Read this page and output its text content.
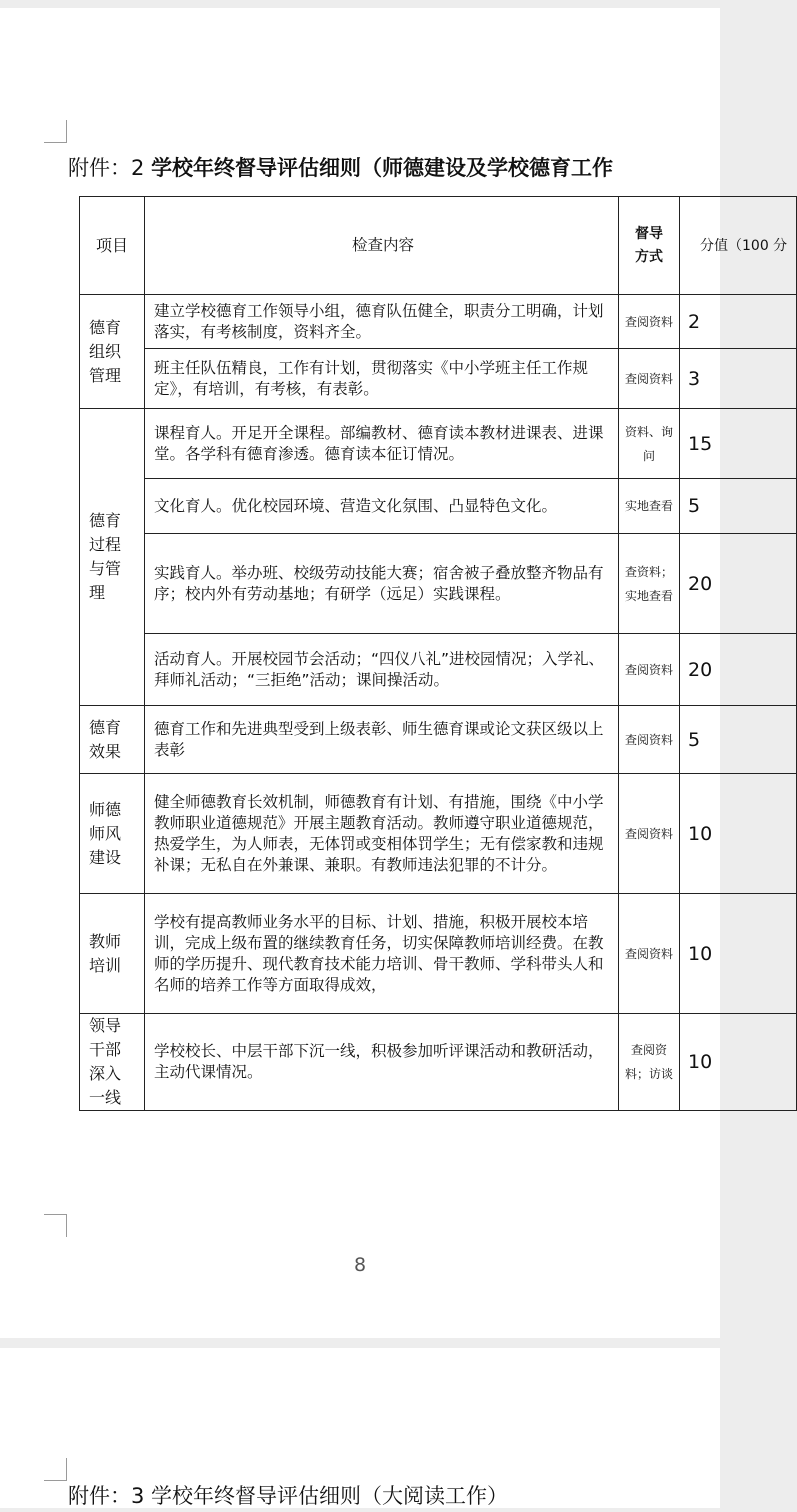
附件：2 学校年终督导评估细则（师德建设及学校德育工作
项目	检查内容	督导方式	分值（100 分

德育组织管理	建立学校德育工作领导小组，德育队伍健全，职责分工明确，计划落实，有考核制度，资料齐全。	查阅资料	2
	班主任队伍精良，工作有计划，贯彻落实《中小学班主任工作规定》，有培训，有考核，有表彰。	查阅资料	3

德育过程与管理	课程育人。开足开全课程。部编教材、德育读本教材进课表、进课堂。各学科有德育渗透。德育读本征订情况。	资料、询问	15
	文化育人。优化校园环境、营造文化氛围、凸显特色文化。	实地查看	5
	实践育人。举办班、校级劳动技能大赛；宿舍被子叠放整齐物品有序；校内外有劳动基地；有研学（远足）实践课程。	查资料；实地查看	20
	活动育人。开展校园节会活动；“四仪八礼”进校园情况；入学礼、拜师礼活动；“三拒绝”活动；课间操活动。	查阅资料	20

德育效果	德育工作和先进典型受到上级表彰、师生德育课或论文获区级以上表彰	查阅资料	5

师德师风建设	健全师德教育长效机制，师德教育有计划、有措施，围绕《中小学教师职业道德规范》开展主题教育活动。教师遵守职业道德规范，热爱学生，为人师表，无体罚或变相体罚学生；无有偿家教和违规补课；无私自在外兼课、兼职。有教师违法犯罪的不计分。	查阅资料	10

教师培训	学校有提高教师业务水平的目标、计划、措施，积极开展校本培训，完成上级布置的继续教育任务，切实保障教师培训经费。在教师的学历提升、现代教育技术能力培训、骨干教师、学科带头人和名师的培养工作等方面取得成效，	查阅资料	10

领导干部深入一线	学校校长、中层干部下沉一线，积极参加听评课活动和教研活动，主动代课情况。	查阅资料；访谈	10
8
附件：3 学校年终督导评估细则（大阅读工作）
